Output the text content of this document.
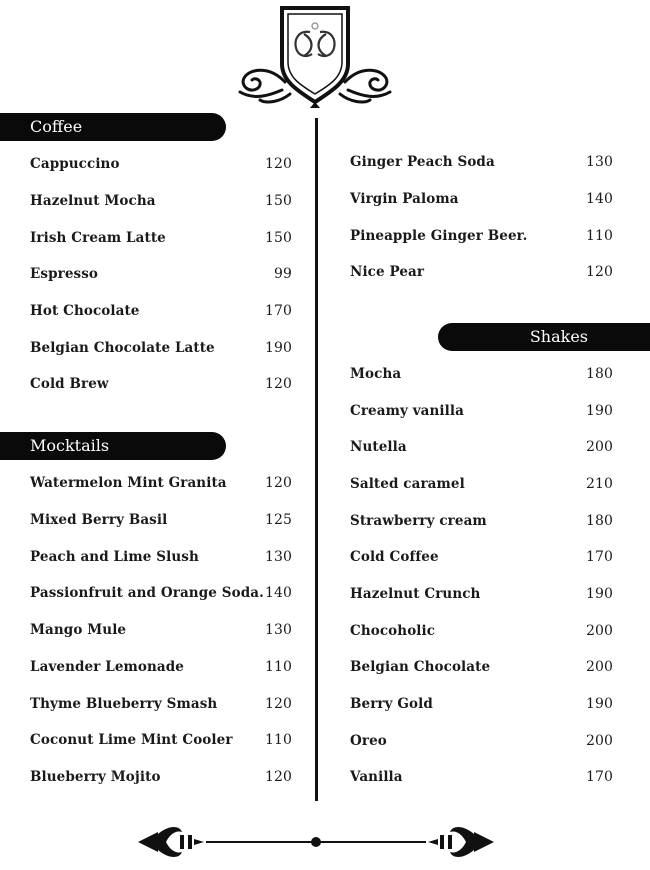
Coffee
Cappuccino	120
Hazelnut Mocha	150
Irish Cream Latte	150
Espresso	99
Hot Chocolate	170
Belgian Chocolate Latte	190
Cold Brew	120
Mocktails
Watermelon Mint Granita	120
Mixed Berry Basil	125
Peach and Lime Slush	130
Passionfruit and Orange Soda. 140
Mango Mule	130
Lavender Lemonade	110
Thyme Blueberry Smash	120
Coconut Lime Mint Cooler 110
Blueberry Mojito	120
Ginger Peach Soda	130
Virgin Paloma	140
Pineapple Ginger Beer.	110
Nice Pear	120
Shakes
Mocha	180
Creamy vanilla	190
Nutella	200
Salted caramel	210
Strawberry cream	180
Cold Coffee	170
Hazelnut Crunch	190
Chocoholic	200
Belgian Chocolate	200
Berry Gold	190
Oreo	200
Vanilla	170
